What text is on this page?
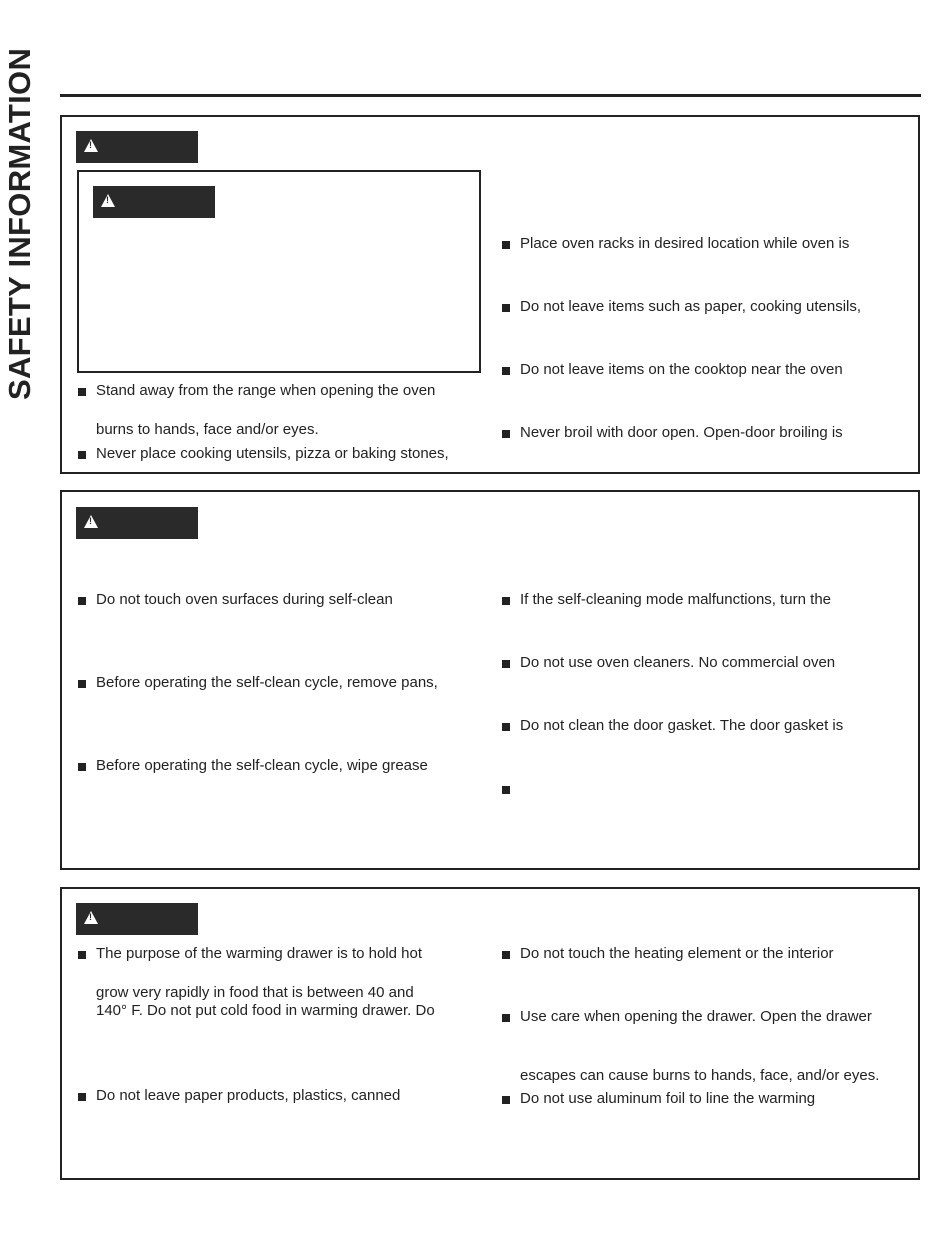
SAFETY INFORMATION
!
!	Stand away from the range when opening the oven
burns to hands, face and/or eyes.
Never place cooking utensils, pizza or baking stones,
Place oven racks in desired location while oven is
Do not leave items such as paper, cooking utensils,
Do not leave items on the cooktop near the oven
Never broil with door open. Open-door broiling is
!
Do not touch oven surfaces during self-clean
Before operating the self-clean cycle, remove pans,
Before operating the self-clean cycle, wipe grease
If the self-cleaning mode malfunctions, turn the
Do not use oven cleaners. No commercial oven
Do not clean the door gasket. The door gasket is
!
The purpose of the warming drawer is to hold hot
grow very rapidly in food that is between 40 and
140° F. Do not put cold food in warming drawer. Do
Do not leave paper products, plastics, canned
Do not touch the heating element or the interior
Use care when opening the drawer. Open the drawer
escapes can cause burns to hands, face, and/or eyes.
Do not use aluminum foil to line the warming
